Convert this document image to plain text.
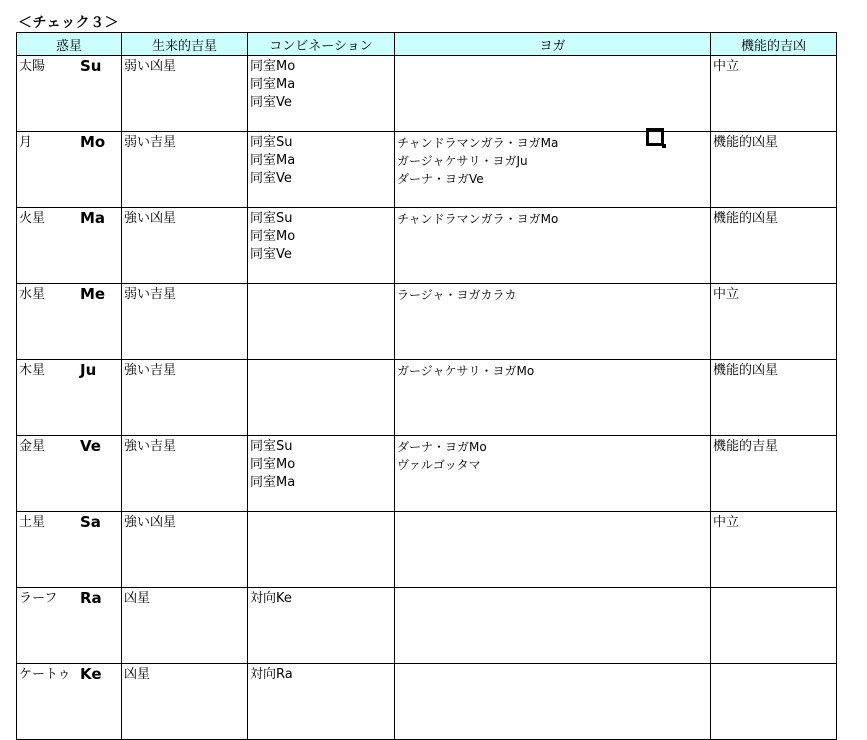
＜チェック３＞
惑星	生来的吉星	コンビネーション	ヨガ	機能的吉凶

太陽 Su	弱い凶星	同室Mo
同室Ma
同室Ve		中立

月 Mo	弱い吉星	同室Su
同室Ma
同室Ve	チャンドラマンガラ・ヨガMa
ガージャケサリ・ヨガJu
ダーナ・ヨガVe	機能的凶星

火星 Ma	強い凶星	同室Su
同室Mo
同室Ve	チャンドラマンガラ・ヨガMo	機能的凶星

水星 Me	弱い吉星		ラージャ・ヨガカラカ	中立

木星 Ju	強い吉星		ガージャケサリ・ヨガMo	機能的凶星

金星 Ve	強い吉星	同室Su
同室Mo
同室Ma	ダーナ・ヨガMo
ヴァルゴッタマ	機能的吉星

土星 Sa	強い凶星			中立

ラーフ Ra	凶星	対向Ke		

ケートゥ Ke	凶星	対向Ra		
